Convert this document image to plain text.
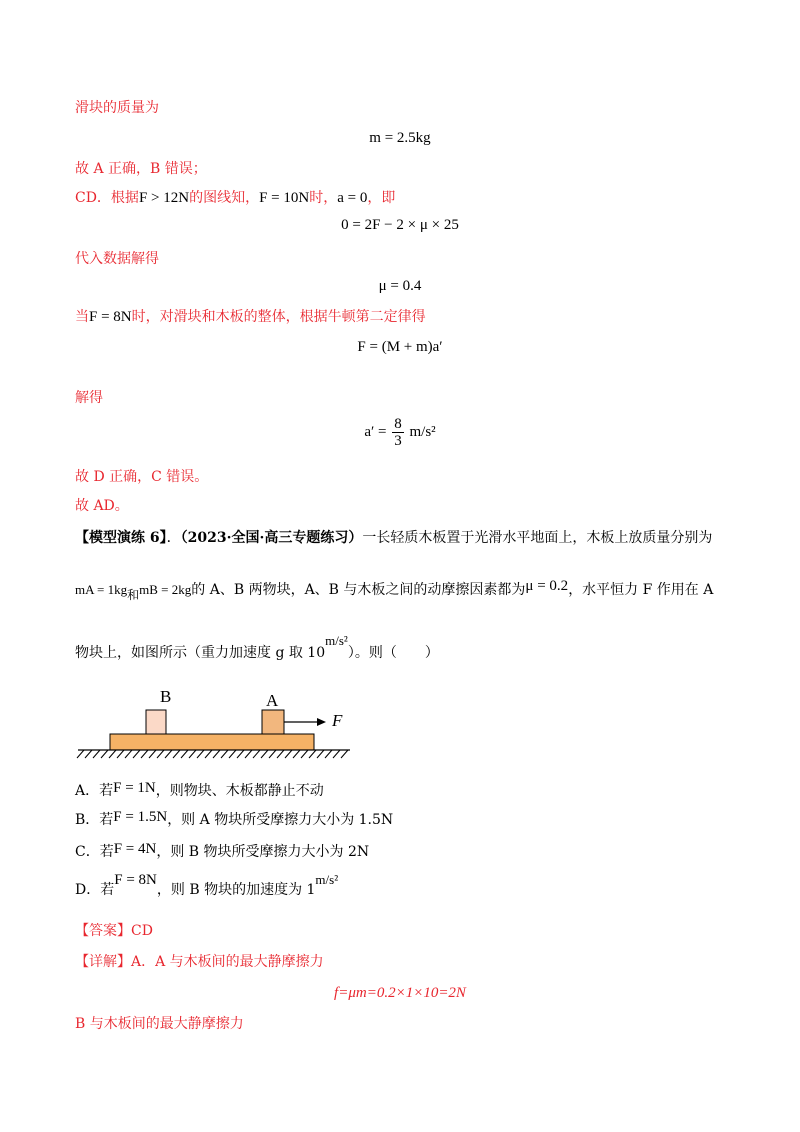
滑块的质量为
m = 2.5kg
故 A 正确，B 错误；
CD．根据F > 12N的图线知，F = 10N时，a = 0，即
0 = 2F − 2 × μ × 25
代入数据解得
μ = 0.4
当F = 8N时，对滑块和木板的整体，根据牛顿第二定律得
F = (M + m)a′
解得
$a' = \frac{8}{3} m/s^2$
故 D 正确，C 错误。
故 AD。
【模型演练 6】．（2023·全国·高三专题练习）一长轻质木板置于光滑水平地面上，木板上放质量分别为
mA = 1kg和mB = 2kg的 A、B 两物块，A、B 与木板之间的动摩擦因素都为μ = 0.2，水平恒力 F 作用在 A
物块上，如图所示（重力加速度 g 取 10m/s²）。则（　　）
B	A
F
A．若F = 1N，则物块、木板都静止不动
B．若F = 1.5N，则 A 物块所受摩擦力大小为 1.5N
C．若F = 4N，则 B 物块所受摩擦力大小为 2N
D．若F = 8N，则 B 物块的加速度为 1m/s²
【答案】CD
【详解】A．A 与木板间的最大静摩擦力
f=μm=0.2×1×10=2N
B 与木板间的最大静摩擦力
